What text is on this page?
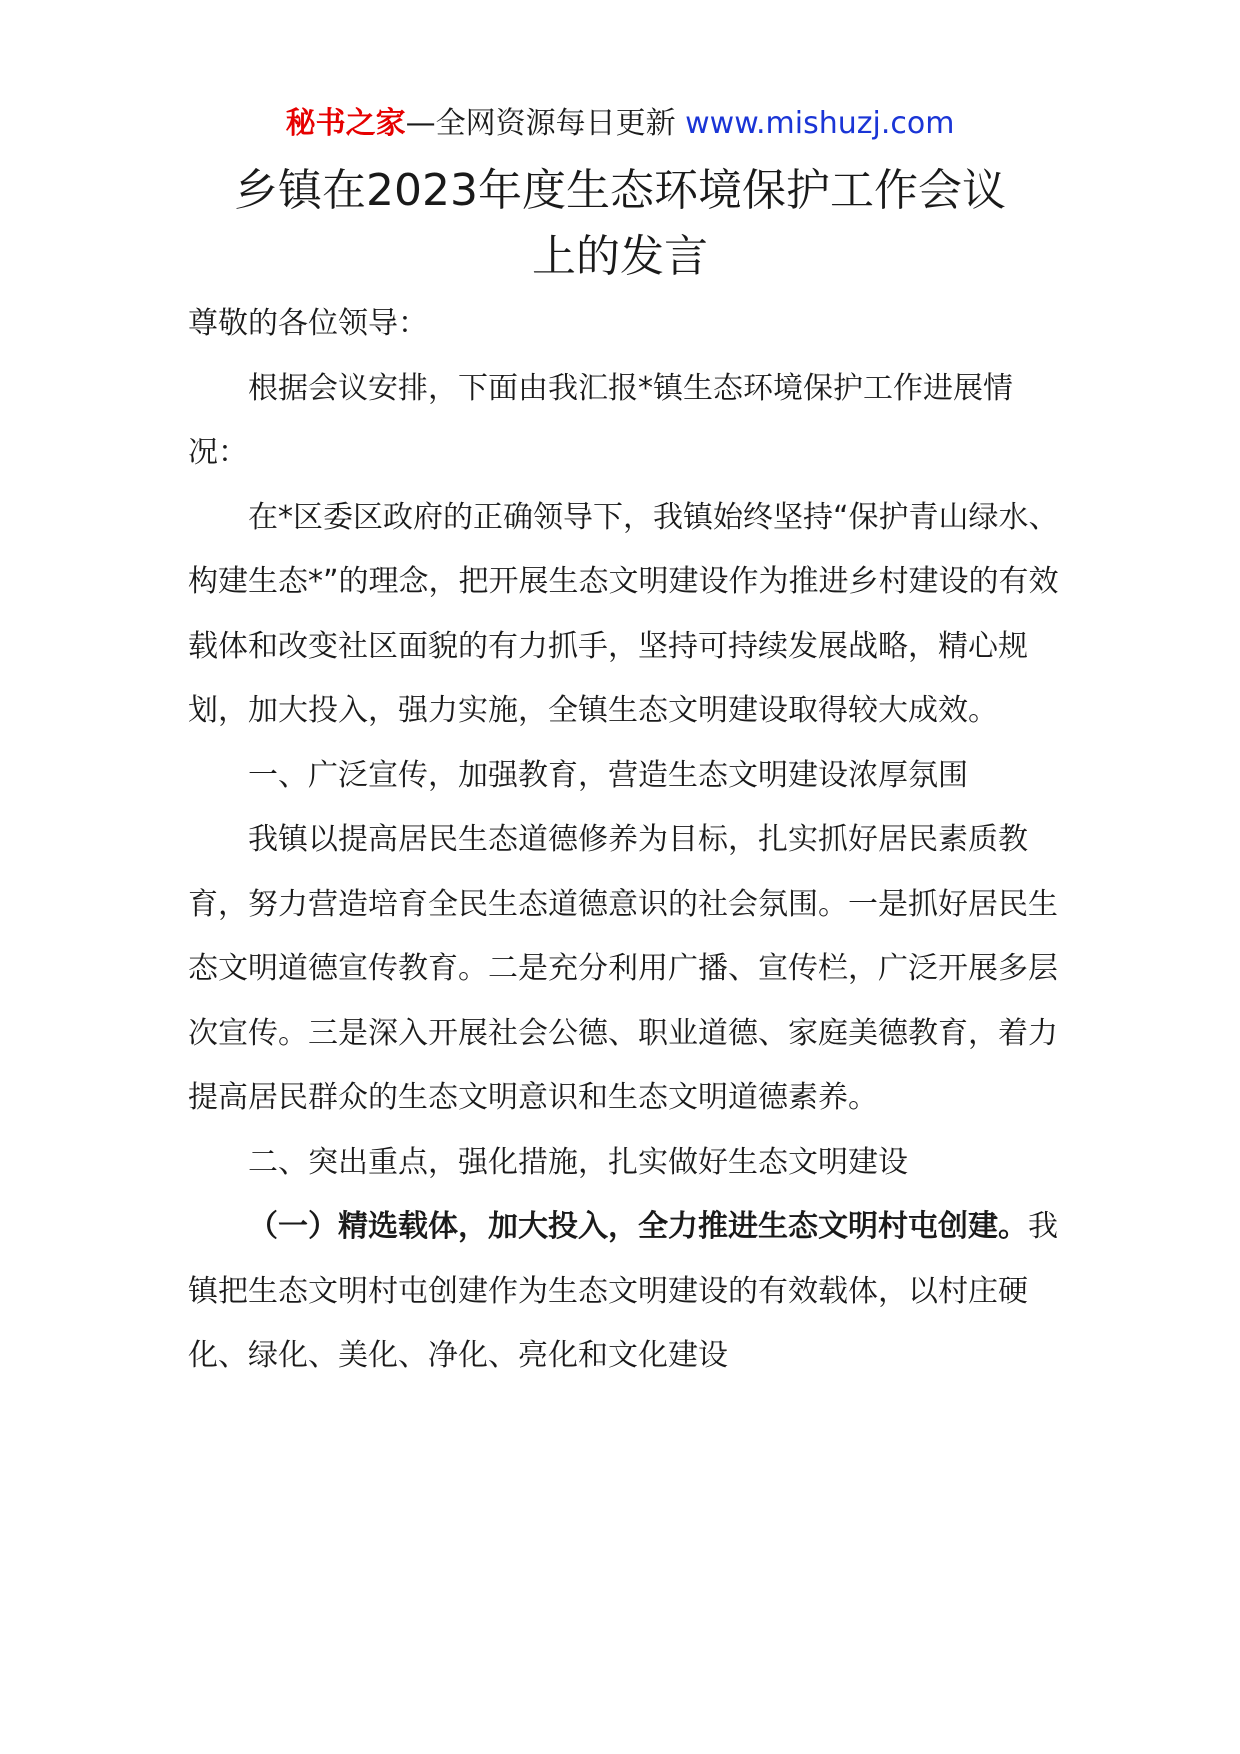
秘书之家—全网资源每日更新 www.mishuzj.com
乡镇在2023年度生态环境保护工作会议
上的发言

尊敬的各位领导：

根据会议安排，下面由我汇报*镇生态环境保护工作进展情况：

在*区委区政府的正确领导下，我镇始终坚持“保护青山绿水、构建生态*”的理念，把开展生态文明建设作为推进乡村建设的有效载体和改变社区面貌的有力抓手，坚持可持续发展战略，精心规划，加大投入，强力实施，全镇生态文明建设取得较大成效。

一、广泛宣传，加强教育，营造生态文明建设浓厚氛围

我镇以提高居民生态道德修养为目标，扎实抓好居民素质教育，努力营造培育全民生态道德意识的社会氛围。一是抓好居民生态文明道德宣传教育。二是充分利用广播、宣传栏，广泛开展多层次宣传。三是深入开展社会公德、职业道德、家庭美德教育，着力提高居民群众的生态文明意识和生态文明道德素养。

二、突出重点，强化措施，扎实做好生态文明建设

（一）精选载体，加大投入，全力推进生态文明村屯创建。我镇把生态文明村屯创建作为生态文明建设的有效载体，以村庄硬化、绿化、美化、净化、亮化和文化建设
